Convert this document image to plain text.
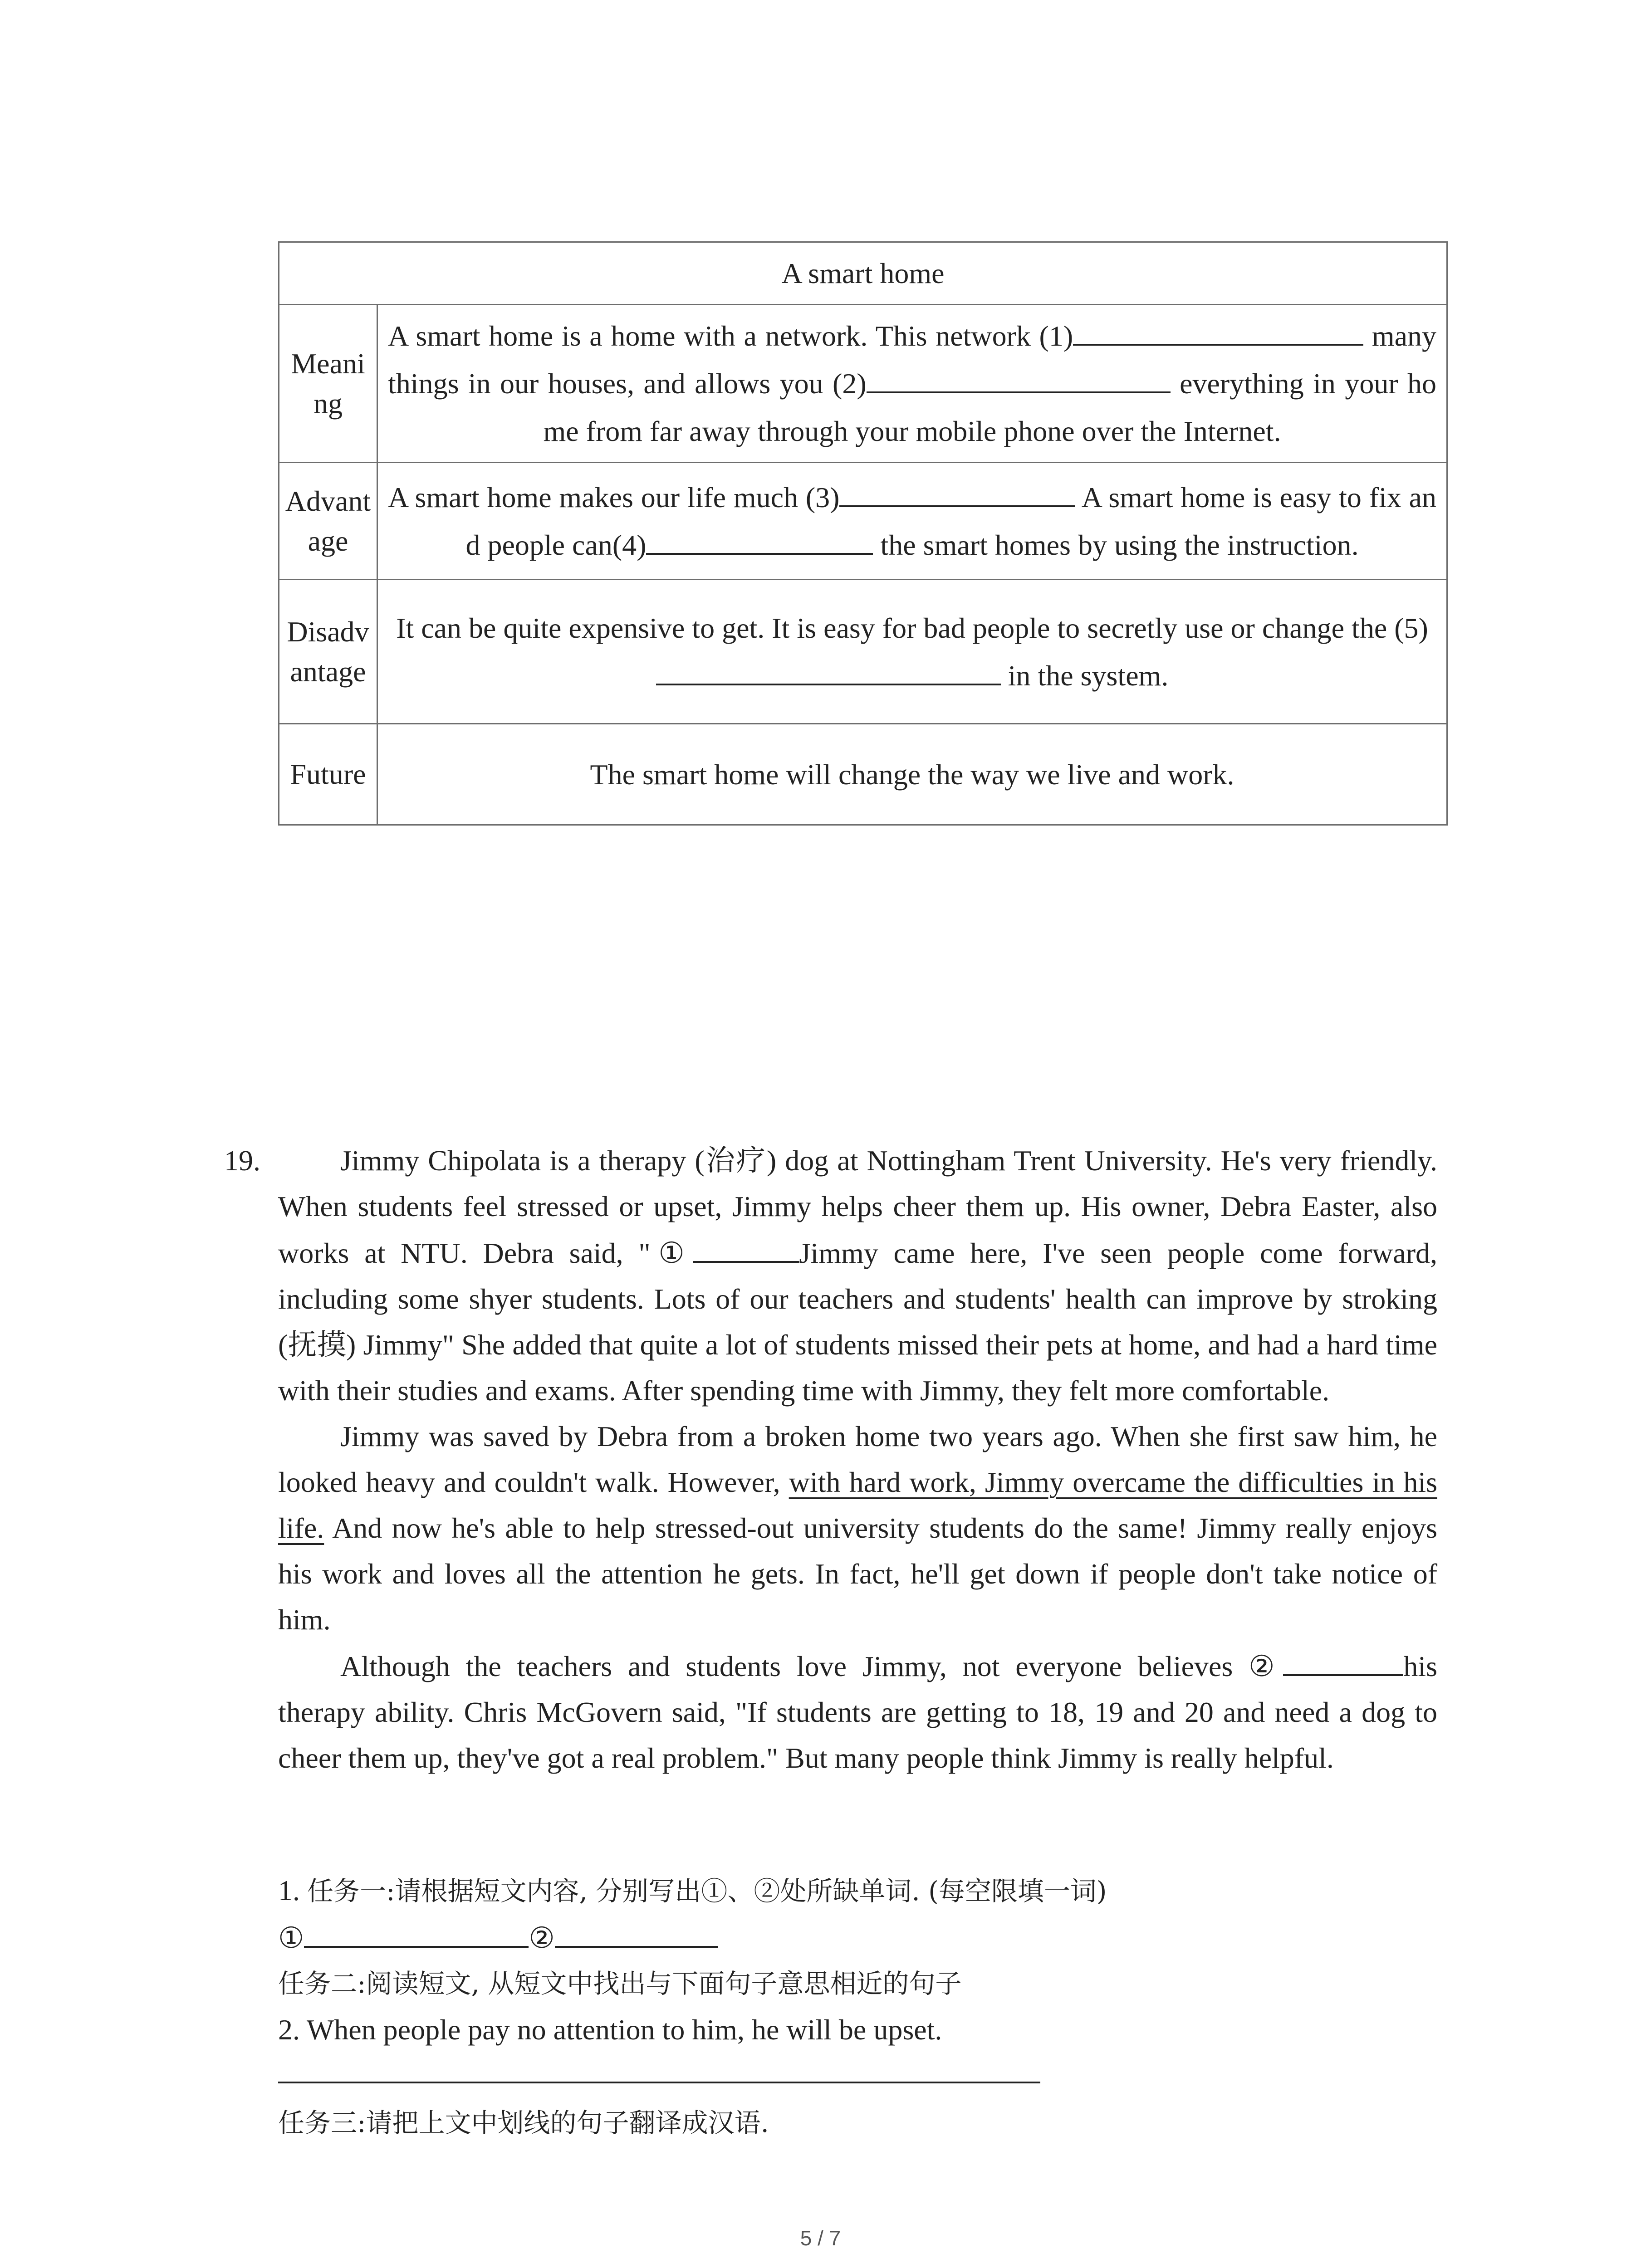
A smart home	
Meaning	A smart home is a home with a network. This network (1) many things in our houses, and allows you (2) everything in your home from far away through your mobile phone over the Internet.
Advantage	A smart home makes our life much (3) A smart home is easy to fix and people can(4) the smart homes by using the instruction.
Disadvantage	It can be quite expensive to get. It is easy for bad people to secretly use or change the (5) in the system.
Future	The smart home will change the way we live and work.
19.	Jimmy Chipolata is a therapy (治疗) dog at Nottingham Trent University. He's very friendly. When students feel stressed or upset, Jimmy helps cheer them up. His owner, Debra Easter, also works at NTU. Debra said, "①	Jimmy came here, I've seen people come forward, including some shyer students. Lots of our teachers and students' health can improve by stroking (抚摸) Jimmy" She added that quite a lot of students missed their pets at home, and had a hard time with their studies and exams. After spending time with Jimmy, they felt more comfortable.

Jimmy was saved by Debra from a broken home two years ago. When she first saw him, he looked heavy and couldn't walk. However, with hard work, Jimmy overcame the difficulties in his life. And now he's able to help stressed-out university students do the same! Jimmy really enjoys his work and loves all the attention he gets. In fact, he'll get down if people don't take notice of him.

Although the teachers and students love Jimmy, not everyone believes ②	his therapy ability. Chris McGovern said, "If students are getting to 18, 19 and 20 and need a dog to cheer them up, they've got a real problem." But many people think Jimmy is really helpful.

1. 任务一:请根据短文内容, 分别写出①、②处所缺单词. (每空限填一词)
①	②
任务二:阅读短文, 从短文中找出与下面句子意思相近的句子
2. When people pay no attention to him, he will be upset.
任务三:请把上文中划线的句子翻译成汉语.
5 / 7
